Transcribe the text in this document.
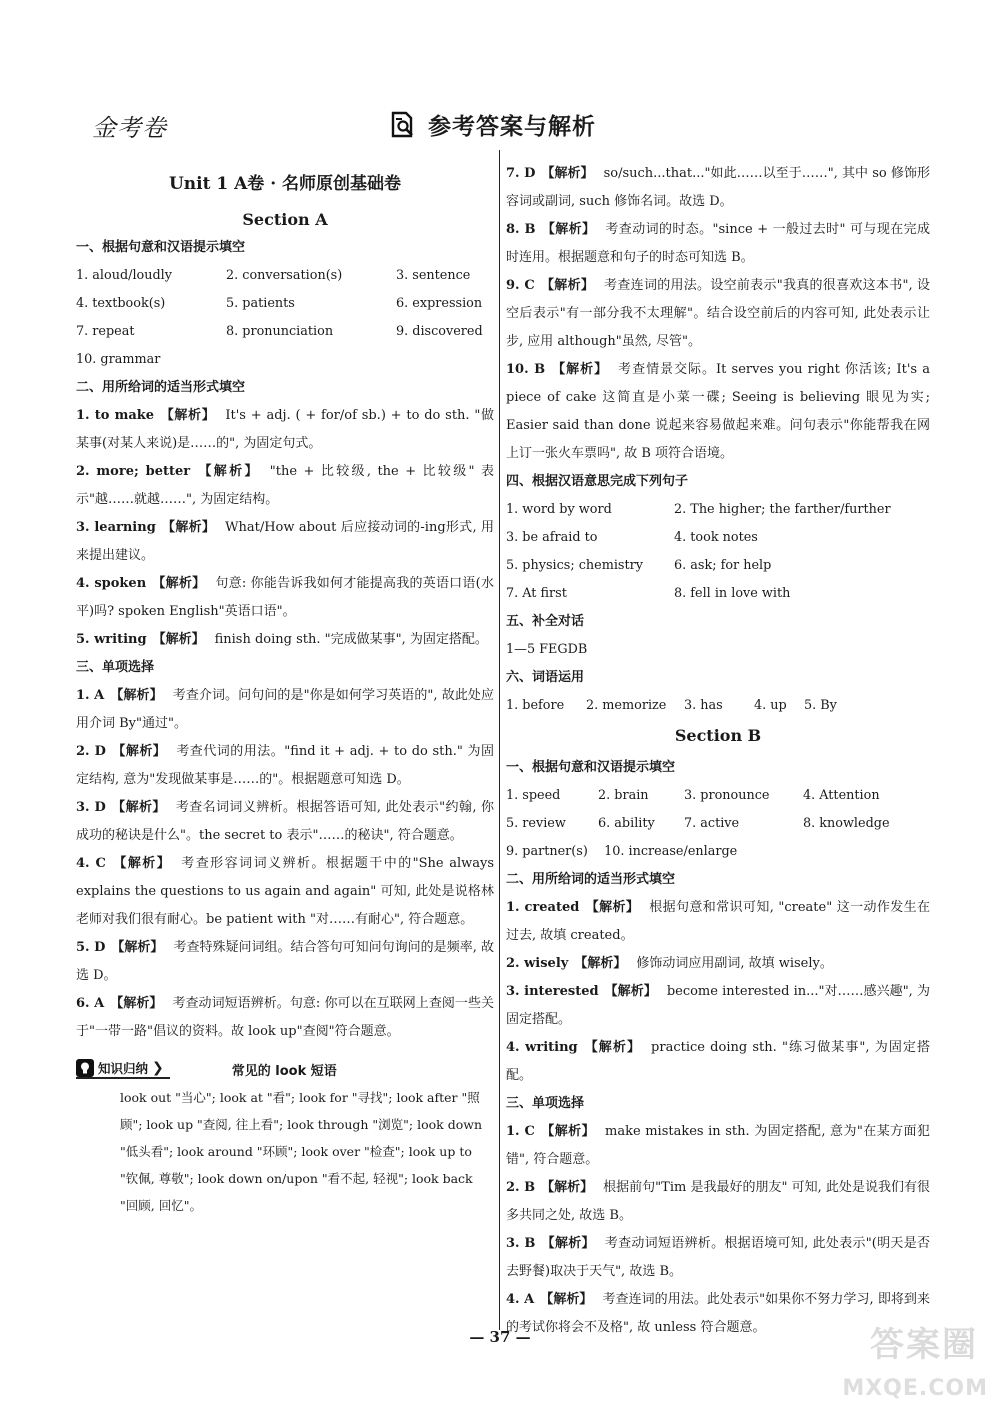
金考卷	参考答案与解析
Unit 1 A卷 · 名师原创基础卷
Section A
一、根据句意和汉语提示填空
1. aloud/loudly	2. conversation(s)	3. sentence
4. textbook(s)	5. patients	6. expression
7. repeat	8. pronunciation	9. discovered
10. grammar
二、用所给词的适当形式填空
1. to make 【解析】 It's + adj. ( + for/of sb.) + to do sth. "做某事(对某人来说)是……的", 为固定句式。
2. more; better 【解析】 "the + 比较级, the + 比较级" 表示"越……就越……", 为固定结构。
3. learning 【解析】 What/How about 后应接动词的-ing形式, 用来提出建议。
4. spoken 【解析】 句意: 你能告诉我如何才能提高我的英语口语(水平)吗? spoken English"英语口语"。
5. writing 【解析】 finish doing sth. "完成做某事", 为固定搭配。
三、单项选择
1. A 【解析】 考查介词。问句问的是"你是如何学习英语的", 故此处应用介词 By"通过"。
2. D 【解析】 考查代词的用法。"find it + adj. + to do sth." 为固定结构, 意为"发现做某事是……的"。根据题意可知选 D。
3. D 【解析】 考查名词词义辨析。根据答语可知, 此处表示"约翰, 你成功的秘诀是什么"。the secret to 表示"……的秘诀", 符合题意。
4. C 【解析】 考查形容词词义辨析。根据题干中的"She always explains the questions to us again and again" 可知, 此处是说格林老师对我们很有耐心。be patient with "对……有耐心", 符合题意。
5. D 【解析】 考查特殊疑问词组。结合答句可知问句询问的是频率, 故选 D。
6. A 【解析】 考查动词短语辨析。句意: 你可以在互联网上查阅一些关于"一带一路"倡议的资料。故 look up"查阅"符合题意。
知识归纳 ❯	常见的 look 短语
look out "当心"; look at "看"; look for "寻找"; look after "照顾"; look up "查阅, 往上看"; look through "浏览"; look down "低头看"; look around "环顾"; look over "检查"; look up to "钦佩, 尊敬"; look down on/upon "看不起, 轻视"; look back "回顾, 回忆"。
7. D 【解析】 so/such...that..."如此……以至于……", 其中 so 修饰形容词或副词, such 修饰名词。故选 D。
8. B 【解析】 考查动词的时态。"since + 一般过去时" 可与现在完成时连用。根据题意和句子的时态可知选 B。
9. C 【解析】 考查连词的用法。设空前表示"我真的很喜欢这本书", 设空后表示"有一部分我不太理解"。结合设空前后的内容可知, 此处表示让步, 应用 although"虽然, 尽管"。
10. B 【解析】 考查情景交际。It serves you right 你活该; It's a piece of cake 这简直是小菜一碟; Seeing is believing 眼见为实; Easier said than done 说起来容易做起来难。问句表示"你能帮我在网上订一张火车票吗", 故 B 项符合语境。
四、根据汉语意思完成下列句子
1. word by word	2. The higher; the farther/further
3. be afraid to	4. took notes
5. physics; chemistry	6. ask; for help
7. At first	8. fell in love with
五、补全对话
1—5 FEGDB
六、词语运用
1. before	2. memorize	3. has	4. up	5. By
Section B
一、根据句意和汉语提示填空
1. speed	2. brain	3. pronounce	4. Attention
5. review	6. ability	7. active	8. knowledge
9. partner(s) 10. increase/enlarge
二、用所给词的适当形式填空
1. created 【解析】 根据句意和常识可知, "create" 这一动作发生在过去, 故填 created。
2. wisely 【解析】 修饰动词应用副词, 故填 wisely。
3. interested 【解析】 become interested in..."对……感兴趣", 为固定搭配。
4. writing 【解析】 practice doing sth. "练习做某事", 为固定搭配。
三、单项选择
1. C 【解析】 make mistakes in sth. 为固定搭配, 意为"在某方面犯错", 符合题意。
2. B 【解析】 根据前句"Tim 是我最好的朋友" 可知, 此处是说我们有很多共同之处, 故选 B。
3. B 【解析】 考查动词短语辨析。根据语境可知, 此处表示"(明天是否去野餐)取决于天气", 故选 B。
4. A 【解析】 考查连词的用法。此处表示"如果你不努力学习, 即将到来的考试你将会不及格", 故 unless 符合题意。
— 37 —	答案圈
MXQE.COM
